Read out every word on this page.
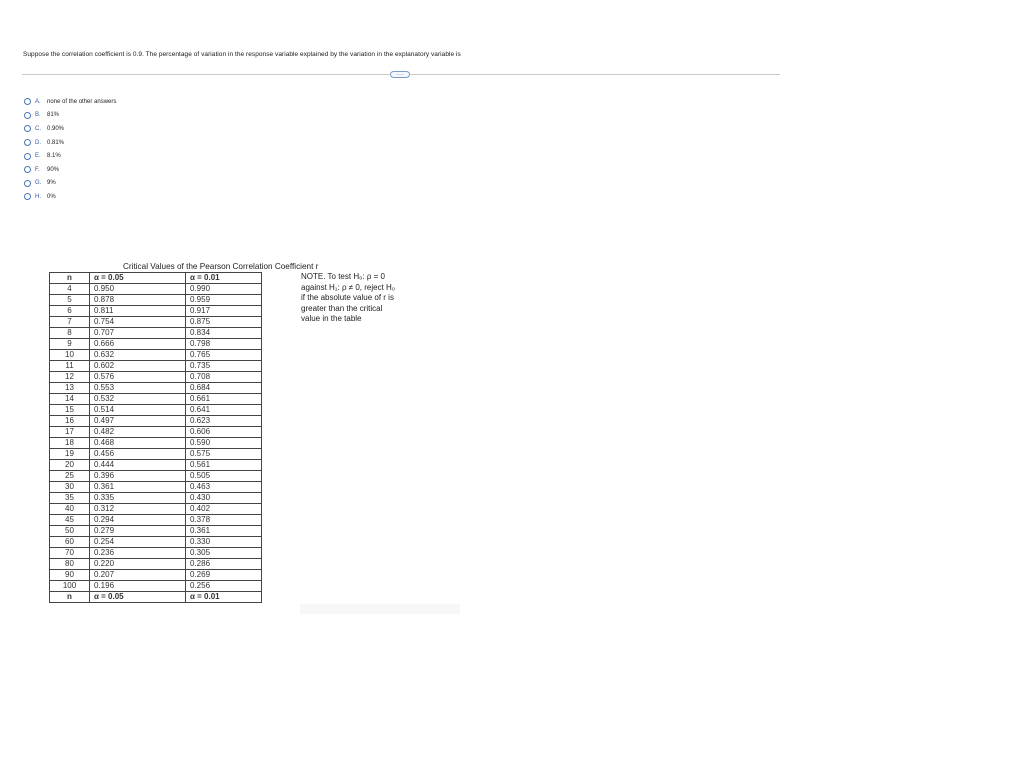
Suppose the correlation coefficient is 0.9. The percentage of variation in the response variable explained by the variation in the explanatory variable is
·····
A.	none of the other answers
B.	81%
C.	0.90%
D.	0.81%
E.	8.1%
F.	90%
G. 9%
H.	0%
Critical Values of the Pearson Correlation Coefficient r
n	α = 0.05	α = 0.01
4	0.950	0.990
5	0.878	0.959
6	0.811	0.917
7	0.754	0.875
8	0.707	0.834
9	0.666	0.798
10	0.632	0.765
11	0.602	0.735
12	0.576	0.708
13	0.553	0.684
14	0.532	0.661
15	0.514	0.641
16	0.497	0.623
17	0.482	0.606
18	0.468	0.590
19	0.456	0.575
20	0.444	0.561
25	0.396	0.505
30	0.361	0.463
35	0.335	0.430
40	0.312	0.402
45	0.294	0.378
50	0.279	0.361
60	0.254	0.330
70	0.236	0.305
80	0.220	0.286
90	0.207	0.269
100	0.196	0.256
n	α = 0.05	α = 0.01
NOTE. To test H₀: ρ = 0
against H₁: ρ ≠ 0, reject H₀
if the absolute value of r is
greater than the critical
value in the table
